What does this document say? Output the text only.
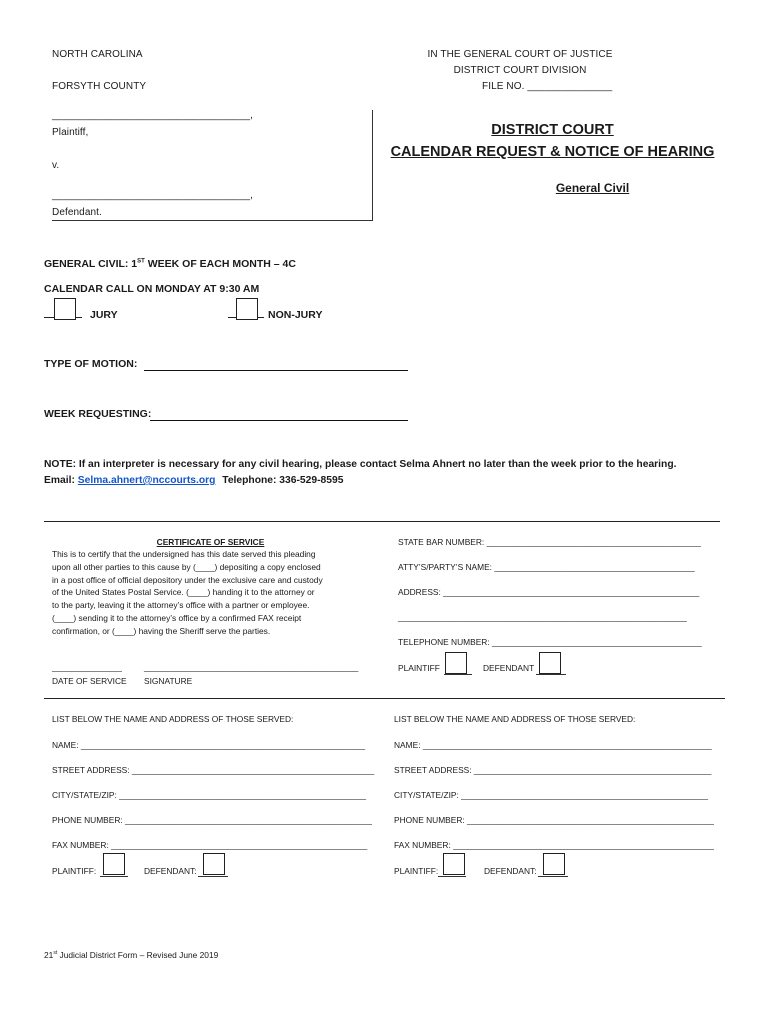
NORTH CAROLINA
FORSYTH COUNTY
IN THE GENERAL COURT OF JUSTICE
DISTRICT COURT DIVISION
FILE NO. _______________
___________________________________,
Plaintiff,
v.
___________________________________,
Defendant.
DISTRICT COURT
CALENDAR REQUEST & NOTICE OF HEARING
General Civil
GENERAL CIVIL: 1ST WEEK OF EACH MONTH – 4C
CALENDAR CALL ON MONDAY AT 9:30 AM
JURY	NON-JURY
TYPE OF MOTION:
WEEK REQUESTING:
NOTE: If an interpreter is necessary for any civil hearing, please contact Selma Ahnert no later than the week prior to the hearing.
Email: Selma.ahnert@nccourts.org Telephone: 336-529-8595
CERTIFICATE OF SERVICE
This is to certify that the undersigned has this date served this pleading
upon all other parties to this cause by (____) depositing a copy enclosed
in a post office of official depository under the exclusive care and custody
of the United States Postal Service. (____) handing it to the attorney or
to the party, leaving it the attorney’s office with a partner or employee.
(____) sending it to the attorney’s office by a confirmed FAX receipt
confirmation, or (____) having the Sheriff serve the parties.
_______________	______________________________________________
DATE OF SERVICE SIGNATURE
STATE BAR NUMBER: ______________________________________________
ATTY’S/PARTY’S NAME: ___________________________________________
ADDRESS: _______________________________________________________
______________________________________________________________
TELEPHONE NUMBER: _____________________________________________
PLAINTIFF	DEFENDANT
LIST BELOW THE NAME AND ADDRESS OF THOSE SERVED:
NAME: _____________________________________________________________
STREET ADDRESS: ____________________________________________________
CITY/STATE/ZIP: _____________________________________________________
PHONE NUMBER: _____________________________________________________
FAX NUMBER: _______________________________________________________
PLAINTIFF:	DEFENDANT:
LIST BELOW THE NAME AND ADDRESS OF THOSE SERVED:
NAME: ______________________________________________________________
STREET ADDRESS: ___________________________________________________
CITY/STATE/ZIP: _____________________________________________________
PHONE NUMBER: _____________________________________________________
FAX NUMBER: ________________________________________________________
PLAINTIFF:	DEFENDANT:
21st Judicial District Form – Revised June 2019
